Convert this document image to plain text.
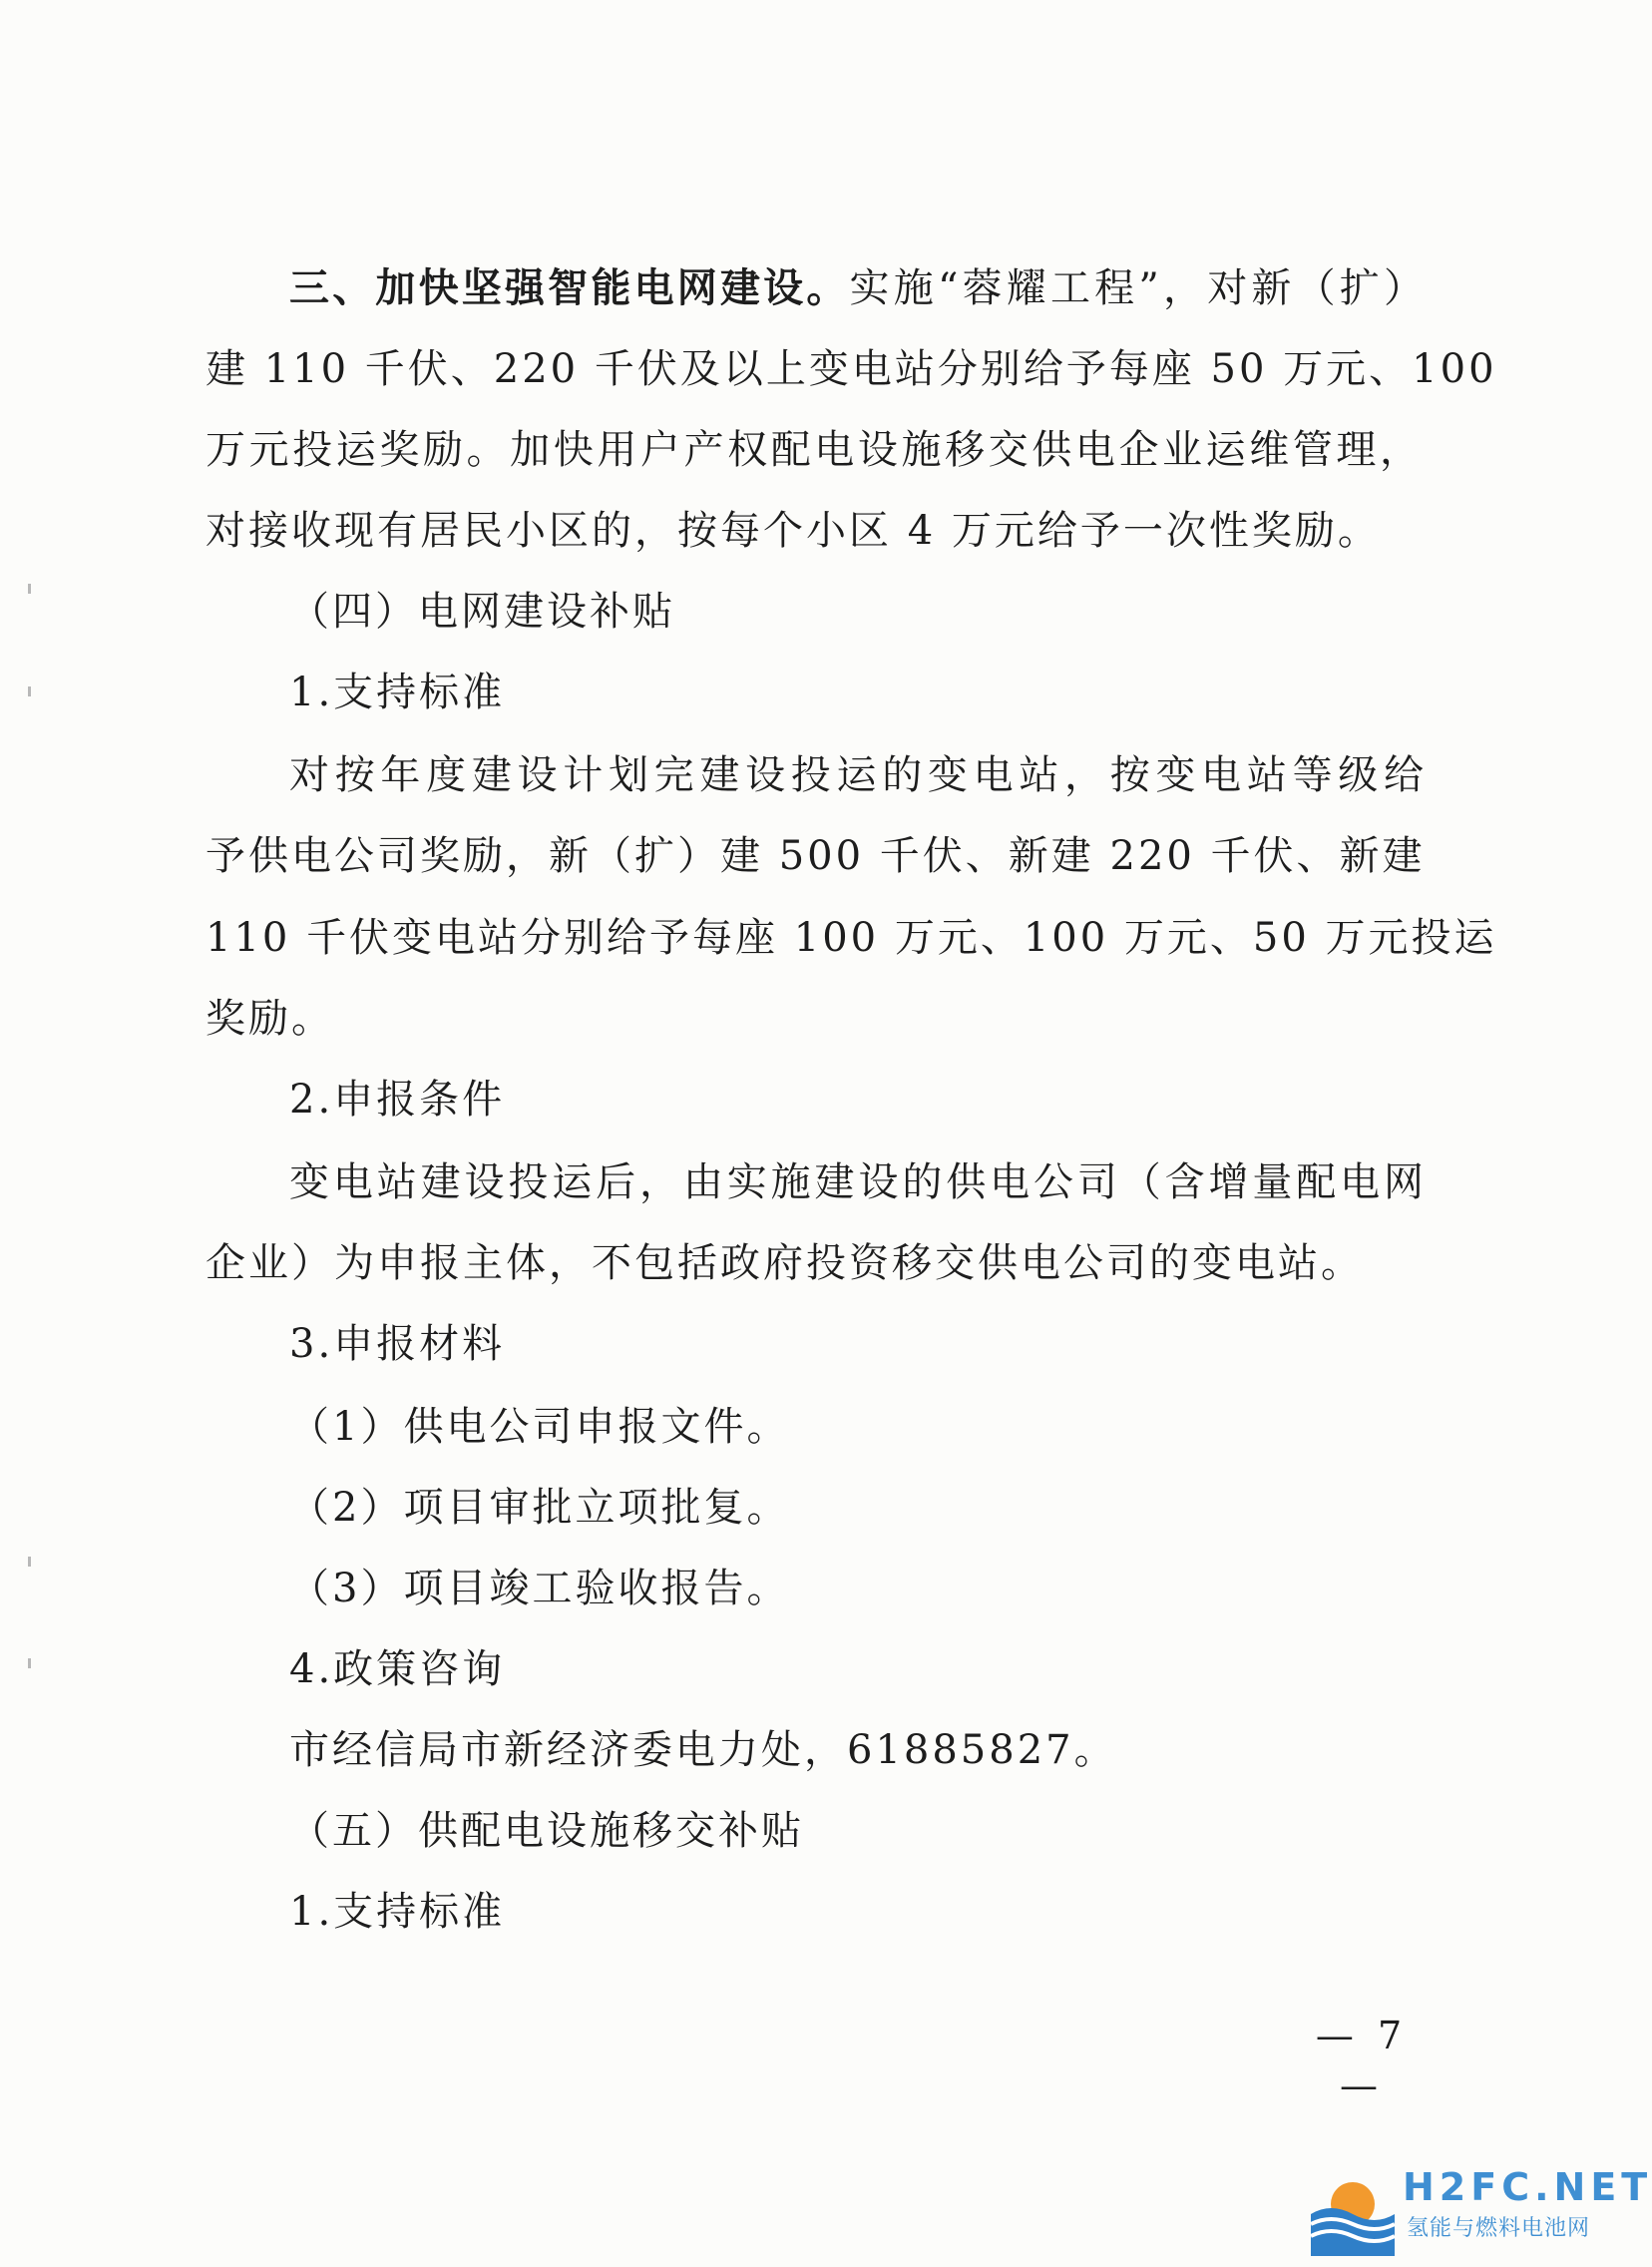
三、加快坚强智能电网建设。实施“蓉耀工程”，对新（扩）
建 110 千伏、220 千伏及以上变电站分别给予每座 50 万元、100
万元投运奖励。加快用户产权配电设施移交供电企业运维管理，
对接收现有居民小区的，按每个小区 4 万元给予一次性奖励。
（四）电网建设补贴
1.支持标准
对按年度建设计划完建设投运的变电站，按变电站等级给
予供电公司奖励，新（扩）建 500 千伏、新建 220 千伏、新建
110 千伏变电站分别给予每座 100 万元、100 万元、50 万元投运
奖励。
2.申报条件
变电站建设投运后，由实施建设的供电公司（含增量配电网
企业）为申报主体，不包括政府投资移交供电公司的变电站。
3.申报材料
（1）供电公司申报文件。
（2）项目审批立项批复。
（3）项目竣工验收报告。
4.政策咨询
市经信局市新经济委电力处，61885827。
（五）供配电设施移交补贴
1.支持标准
— 7 —
H2FC.NET
氢能与燃料电池网
